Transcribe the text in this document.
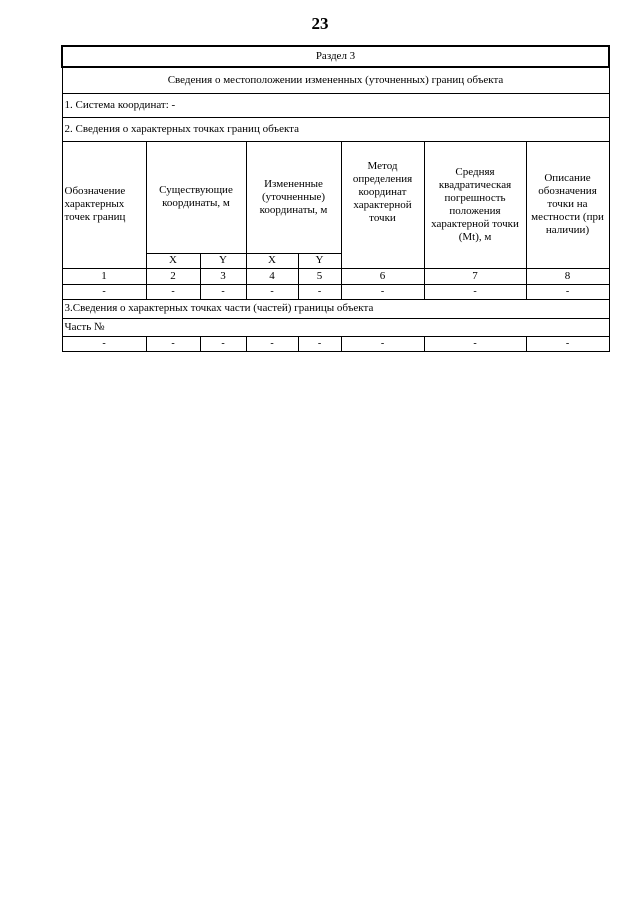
23
Раздел 3							
Сведения о местоположении измененных (уточненных) границ объекта							
1. Система координат: -							
2. Сведения о характерных точках границ объекта							
Обозначение характерных точек границ	Существующие координаты, м		Измененные (уточненные) координаты, м		Метод определения координат характерной точки	Средняя квадратическая погрешность положения характерной точки (Mt), м	Описание обозначения точки на местности (при наличии)
	X	Y	X	Y			
1	2	3	4	5	6	7	8
-	-	-	-	-	-	-	-
3.Сведения о характерных точках части (частей) границы объекта							
Часть №							
-	-	-	-	-	-	-	-
